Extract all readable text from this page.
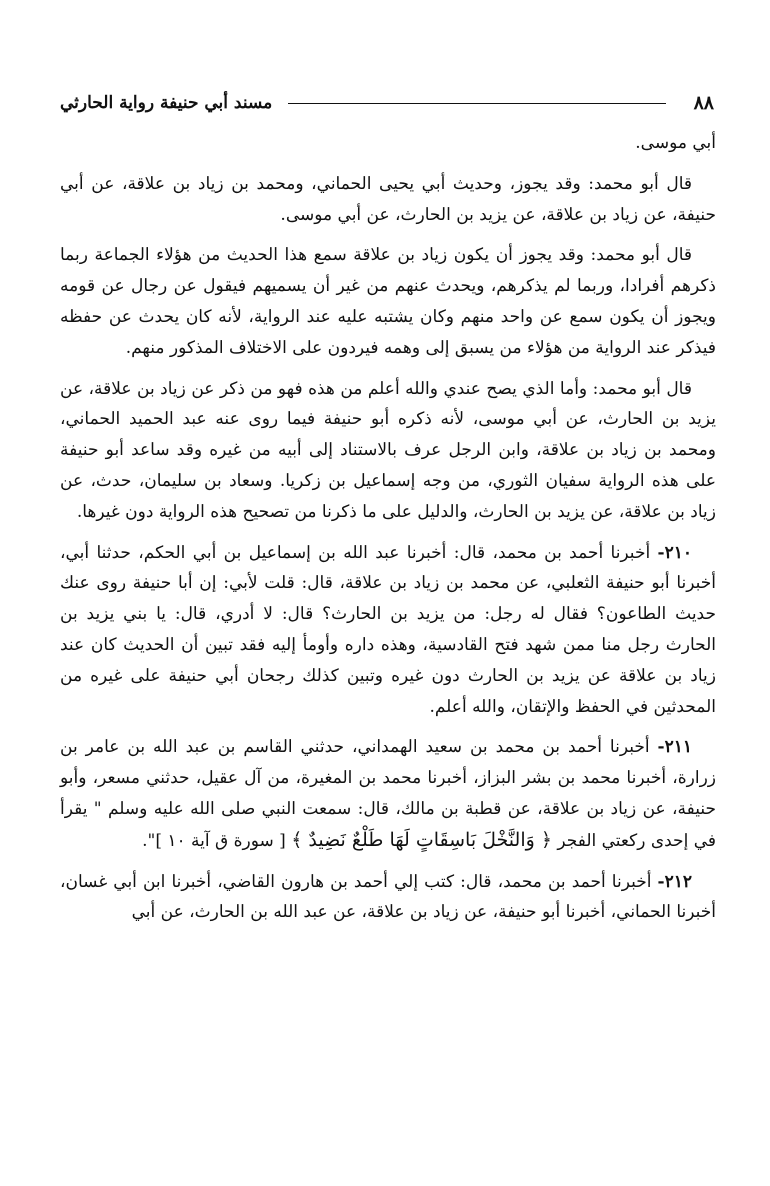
٨٨
مسند أبي حنيفة رواية الحارثي

أبي موسى.

قال أبو محمد: وقد يجوز، وحديث أبي يحيى الحماني، ومحمد بن زياد بن علاقة، عن أبي حنيفة، عن زياد بن علاقة، عن يزيد بن الحارث، عن أبي موسى.

قال أبو محمد: وقد يجوز أن يكون زياد بن علاقة سمع هذا الحديث من هؤلاء الجماعة ربما ذكرهم أفرادا، وربما لم يذكرهم، ويحدث عنهم من غير أن يسميهم فيقول عن رجال عن قومه ويجوز أن يكون سمع عن واحد منهم وكان يشتبه عليه عند الرواية، لأنه كان يحدث عن حفظه فيذكر عند الرواية من هؤلاء من يسبق إلى وهمه فيردون على الاختلاف المذكور منهم.

قال أبو محمد: وأما الذي يصح عندي والله أعلم من هذه فهو من ذكر عن زياد بن علاقة، عن يزيد بن الحارث، عن أبي موسى، لأنه ذكره أبو حنيفة فيما روى عنه عبد الحميد الحماني، ومحمد بن زياد بن علاقة، وابن الرجل عرف بالاستناد إلى أبيه من غيره وقد ساعد أبو حنيفة على هذه الرواية سفيان الثوري، من وجه إسماعيل بن زكريا. وسعاد بن سليمان، حدث، عن زياد بن علاقة، عن يزيد بن الحارث، والدليل على ما ذكرنا من تصحيح هذه الرواية دون غيرها.

٢١٠- أخبرنا أحمد بن محمد، قال: أخبرنا عبد الله بن إسماعيل بن أبي الحكم، حدثنا أبي، أخبرنا أبو حنيفة الثعلبي، عن محمد بن زياد بن علاقة، قال: قلت لأبي: إن أبا حنيفة روى عنك حديث الطاعون؟ فقال له رجل: من يزيد بن الحارث؟ قال: لا أدري، قال: يا بني يزيد بن الحارث رجل منا ممن شهد فتح القادسية، وهذه داره وأومأ إليه فقد تبين أن الحديث كان عند زياد بن علاقة عن يزيد بن الحارث دون غيره وتبين كذلك رجحان أبي حنيفة على غيره من المحدثين في الحفظ والإتقان، والله أعلم.

٢١١- أخبرنا أحمد بن محمد بن سعيد الهمداني، حدثني القاسم بن عبد الله بن عامر بن زرارة، أخبرنا محمد بن بشر البزاز، أخبرنا محمد بن المغيرة، من آل عقيل، حدثني مسعر، وأبو حنيفة، عن زياد بن علاقة، عن قطبة بن مالك، قال: سمعت النبي صلى الله عليه وسلم " يقرأ في إحدى ركعتي الفجر ﴿ وَالنَّخْلَ بَاسِقَاتٍ لَهَا طَلْعٌ نَضِيدٌ ﴾ [ سورة ق آية ١٠ ]".

٢١٢- أخبرنا أحمد بن محمد، قال: كتب إلي أحمد بن هارون القاضي، أخبرنا ابن أبي غسان، أخبرنا الحماني، أخبرنا أبو حنيفة، عن زياد بن علاقة، عن عبد الله بن الحارث، عن أبي
